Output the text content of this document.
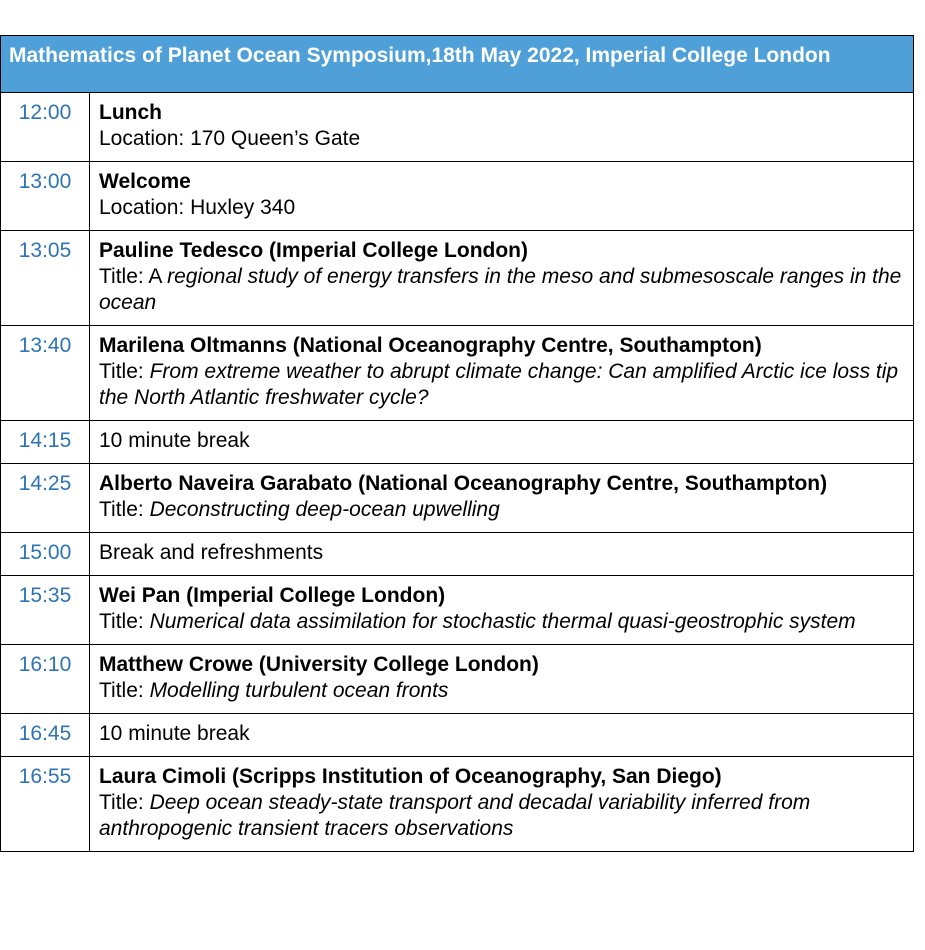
Mathematics of Planet Ocean Symposium,18th May 2022, Imperial College London	
12:00	Lunch
Location: 170 Queen’s Gate

13:00	Welcome
Location: Huxley 340

13:05	Pauline Tedesco (Imperial College London)
Title: A regional study of energy transfers in the meso and submesoscale ranges in the ocean

13:40	Marilena Oltmanns (National Oceanography Centre, Southampton)
Title: From extreme weather to abrupt climate change: Can amplified Arctic ice loss tip the North Atlantic freshwater cycle?

14:15	10 minute break
14:25	Alberto Naveira Garabato (National Oceanography Centre, Southampton)
Title: Deconstructing deep-ocean upwelling

15:00	Break and refreshments
15:35	Wei Pan (Imperial College London)
Title: Numerical data assimilation for stochastic thermal quasi-geostrophic system

16:10	Matthew Crowe (University College London)
Title: Modelling turbulent ocean fronts

16:45	10 minute break
16:55	Laura Cimoli (Scripps Institution of Oceanography, San Diego)
Title: Deep ocean steady-state transport and decadal variability inferred from anthropogenic transient tracers observations
